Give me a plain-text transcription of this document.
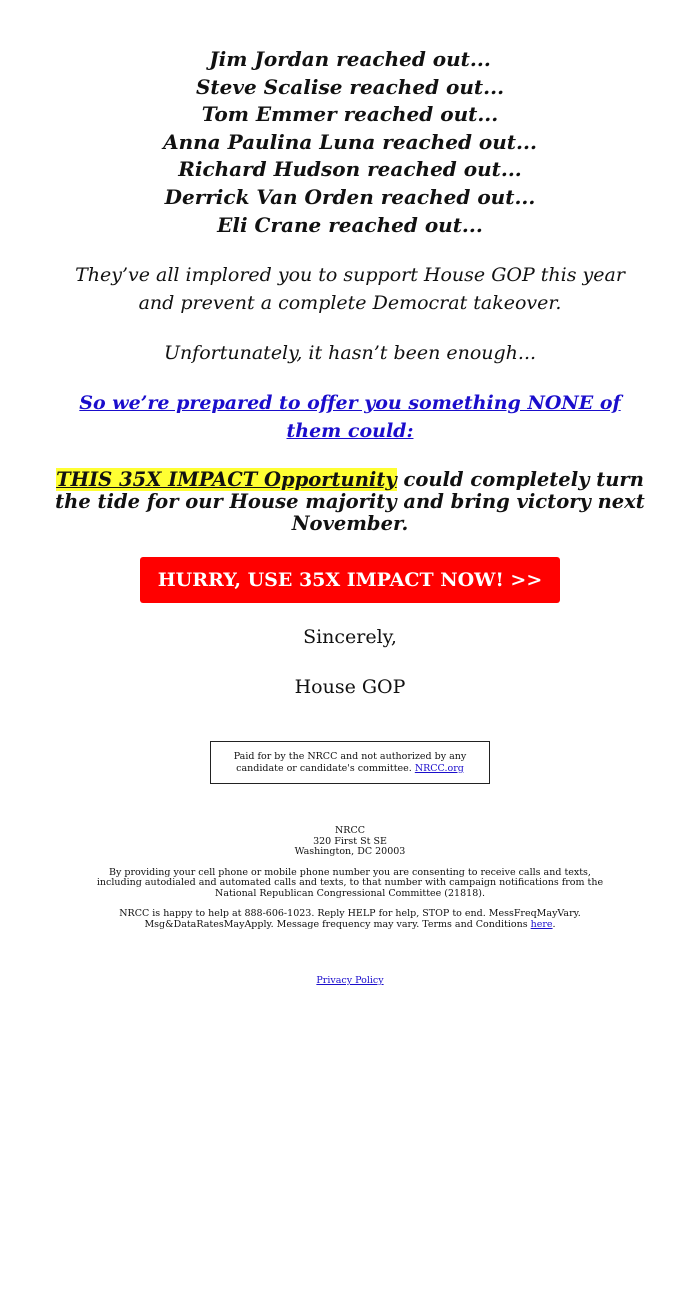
Jim Jordan reached out...
Steve Scalise reached out...
Tom Emmer reached out...
Anna Paulina Luna reached out...
Richard Hudson reached out...
Derrick Van Orden reached out...
Eli Crane reached out...
They’ve all implored you to support House GOP this year and prevent a complete Democrat takeover.
Unfortunately, it hasn’t been enough...
So we’re prepared to offer you something NONE of them could:
THIS 35X IMPACT Opportunity could completely turn the tide for our House majority and bring victory next November.
HURRY, USE 35X IMPACT NOW! >>
Sincerely,
House GOP
Paid for by the NRCC and not authorized by any candidate or candidate's committee. NRCC.org
NRCC
320 First St SE
Washington, DC 20003
By providing your cell phone or mobile phone number you are consenting to receive calls and texts, including autodialed and automated calls and texts, to that number with campaign notifications from the National Republican Congressional Committee (21818).
NRCC is happy to help at 888-606-1023. Reply HELP for help, STOP to end. MessFreqMayVary. Msg&DataRatesMayApply. Message frequency may vary. Terms and Conditions here.
Privacy Policy
